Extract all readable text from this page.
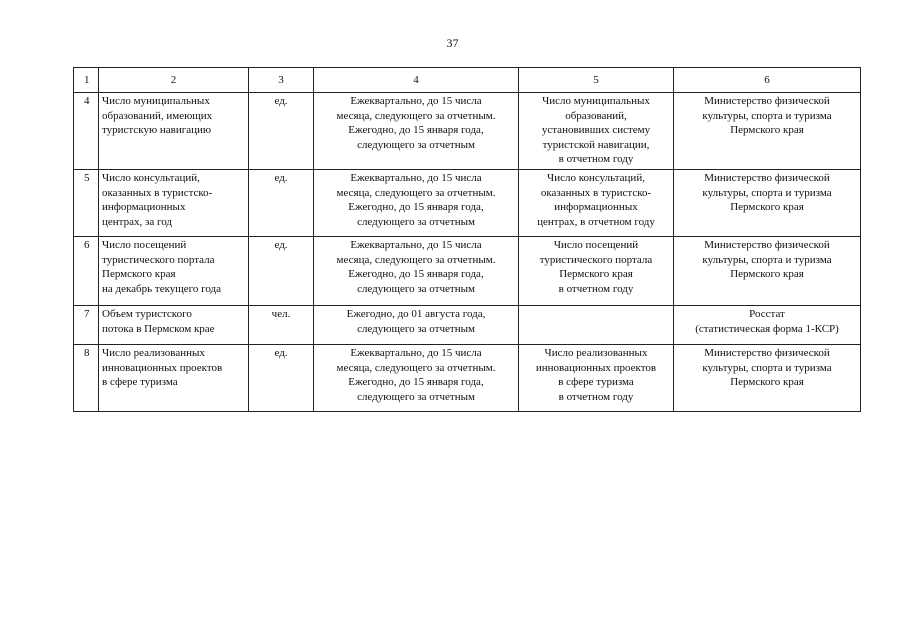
37
1	2	3	4	5	6
4	Число муниципальных
образований, имеющих
туристскую навигацию	ед.	Ежеквартально, до 15 числа
месяца, следующего за отчетным.
Ежегодно, до 15 января года,
следующего за отчетным	Число муниципальных
образований,
установивших систему
туристской навигации,
в отчетном году	Министерство физической
культуры, спорта и туризма
Пермского края
5	Число консультаций,
оказанных в туристско-
информационных
центрах, за год	ед.	Ежеквартально, до 15 числа
месяца, следующего за отчетным.
Ежегодно, до 15 января года,
следующего за отчетным	Число консультаций,
оказанных в туристско-
информационных
центрах, в отчетном году	Министерство физической
культуры, спорта и туризма
Пермского края
6	Число посещений
туристического портала
Пермского края
на декабрь текущего года	ед.	Ежеквартально, до 15 числа
месяца, следующего за отчетным.
Ежегодно, до 15 января года,
следующего за отчетным	Число посещений
туристического портала
Пермского края
в отчетном году	Министерство физической
культуры, спорта и туризма
Пермского края
7	Объем туристского
потока в Пермском крае	чел.	Ежегодно, до 01 августа года,
следующего за отчетным		Росстат
(статистическая форма 1-КСР)
8	Число реализованных
инновационных проектов
в сфере туризма	ед.	Ежеквартально, до 15 числа
месяца, следующего за отчетным.
Ежегодно, до 15 января года,
следующего за отчетным	Число реализованных
инновационных проектов
в сфере туризма
в отчетном году	Министерство физической
культуры, спорта и туризма
Пермского края
